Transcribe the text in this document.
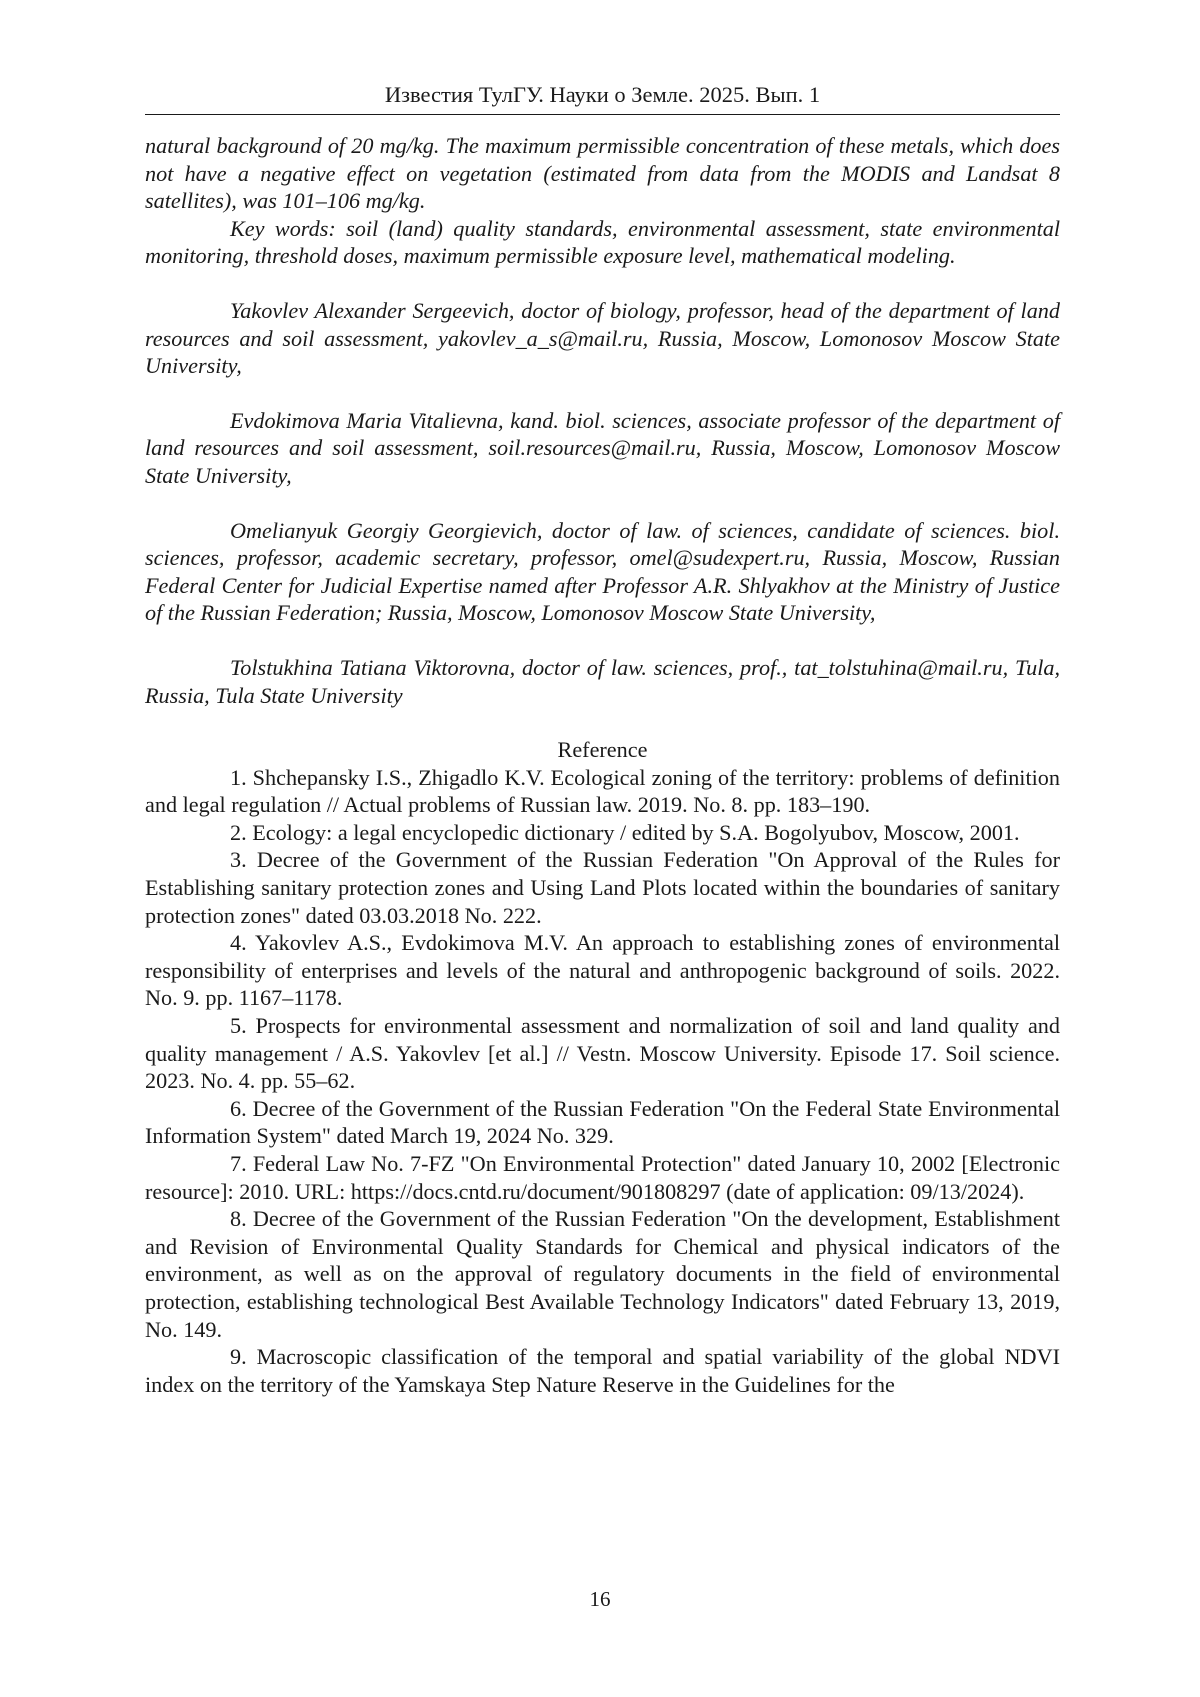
Известия ТулГУ. Науки о Земле. 2025. Вып. 1

natural background of 20 mg/kg. The maximum permissible concentration of these metals, which does not have a negative effect on vegetation (estimated from data from the MODIS and Landsat 8 satellites), was 101–106 mg/kg.

Key words: soil (land) quality standards, environmental assessment, state environmental monitoring, threshold doses, maximum permissible exposure level, mathematical modeling.

Yakovlev Alexander Sergeevich, doctor of biology, professor, head of the department of land resources and soil assessment, yakovlev_a_s@mail.ru, Russia, Moscow, Lomonosov Moscow State University,

Evdokimova Maria Vitalievna, kand. biol. sciences, associate professor of the department of land resources and soil assessment, soil.resources@mail.ru, Russia, Moscow, Lomonosov Moscow State University,

Omelianyuk Georgiy Georgievich, doctor of law. of sciences, candidate of sciences. biol. sciences, professor, academic secretary, professor, omel@sudexpert.ru, Russia, Moscow, Russian Federal Center for Judicial Expertise named after Professor A.R. Shlyakhov at the Ministry of Justice of the Russian Federation; Russia, Moscow, Lomonosov Moscow State University,

Tolstukhina Tatiana Viktorovna, doctor of law. sciences, prof., tat_tolstuhina@mail.ru, Tula, Russia, Tula State University

Reference

1. Shchepansky I.S., Zhigadlo K.V. Ecological zoning of the territory: problems of definition and legal regulation // Actual problems of Russian law. 2019. No. 8. pp. 183–190.

2. Ecology: a legal encyclopedic dictionary / edited by S.A. Bogolyubov, Moscow, 2001.

3. Decree of the Government of the Russian Federation "On Approval of the Rules for Establishing sanitary protection zones and Using Land Plots located within the boundaries of sanitary protection zones" dated 03.03.2018 No. 222.

4. Yakovlev A.S., Evdokimova M.V. An approach to establishing zones of environmental responsibility of enterprises and levels of the natural and anthropogenic background of soils. 2022. No. 9. pp. 1167–1178.

5. Prospects for environmental assessment and normalization of soil and land quality and quality management / A.S. Yakovlev [et al.] // Vestn. Moscow University. Episode 17. Soil science. 2023. No. 4. pp. 55–62.

6. Decree of the Government of the Russian Federation "On the Federal State Environmental Information System" dated March 19, 2024 No. 329.

7. Federal Law No. 7-FZ "On Environmental Protection" dated January 10, 2002 [Electronic resource]: 2010. URL: https://docs.cntd.ru/document/901808297 (date of application: 09/13/2024).

8. Decree of the Government of the Russian Federation "On the development, Establishment and Revision of Environmental Quality Standards for Chemical and physical indicators of the environment, as well as on the approval of regulatory documents in the field of environmental protection, establishing technological Best Available Technology Indicators" dated February 13, 2019, No. 149.

9. Macroscopic classification of the temporal and spatial variability of the global NDVI index on the territory of the Yamskaya Step Nature Reserve in the Guidelines for the

16
